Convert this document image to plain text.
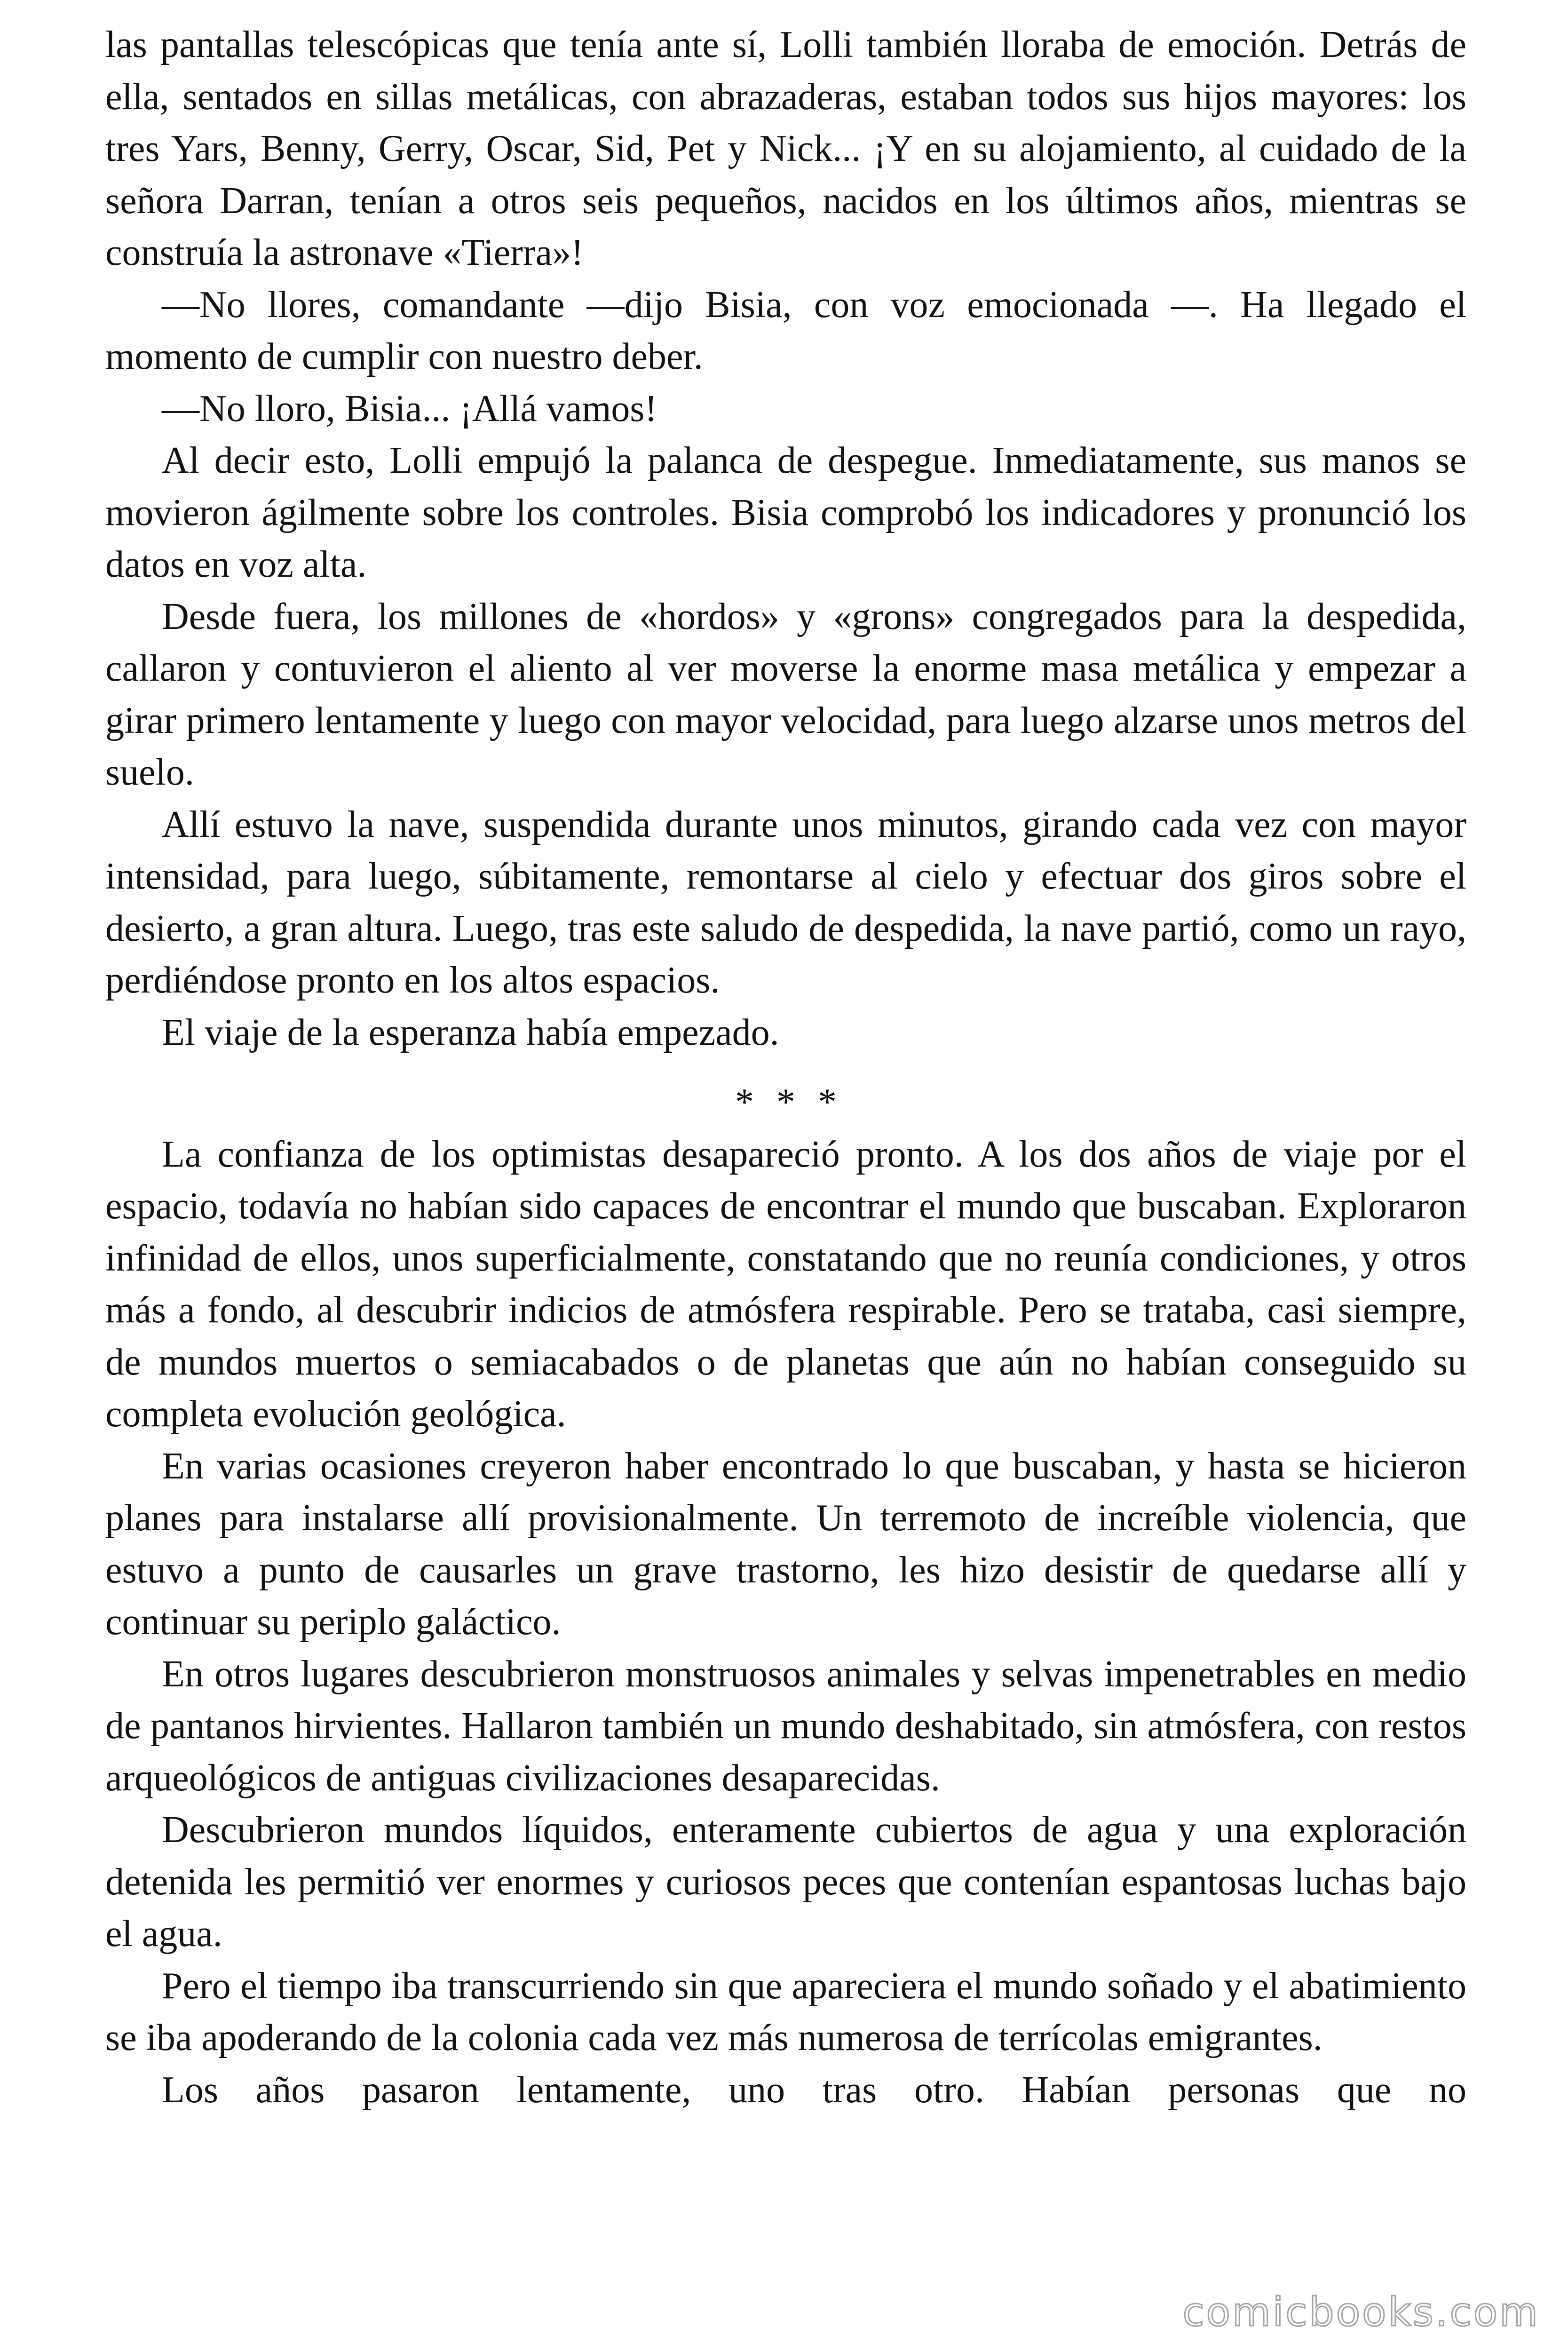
las pantallas telescópicas que tenía ante sí, Lolli también lloraba de emoción. Detrás de ella, sentados en sillas metálicas, con abrazaderas, estaban todos sus hijos mayores: los tres Yars, Benny, Gerry, Oscar, Sid, Pet y Nick... ¡Y en su alojamiento, al cuidado de la señora Darran, tenían a otros seis pequeños, nacidos en los últimos años, mientras se construía la astronave «Tierra»!

—No llores, comandante —dijo Bisia, con voz emocionada —. Ha llegado el momento de cumplir con nuestro deber.

—No lloro, Bisia... ¡Allá vamos!

Al decir esto, Lolli empujó la palanca de despegue. Inmediatamente, sus manos se movieron ágilmente sobre los controles. Bisia comprobó los indicadores y pronunció los datos en voz alta.

Desde fuera, los millones de «hordos» y «grons» congregados para la despedida, callaron y contuvieron el aliento al ver moverse la enorme masa metálica y empezar a girar primero lentamente y luego con mayor velocidad, para luego alzarse unos metros del suelo.

Allí estuvo la nave, suspendida durante unos minutos, girando cada vez con mayor intensidad, para luego, súbitamente, remontarse al cielo y efectuar dos giros sobre el desierto, a gran altura. Luego, tras este saludo de despedida, la nave partió, como un rayo, perdiéndose pronto en los altos espacios.

El viaje de la esperanza había empezado.

* * *

La confianza de los optimistas desapareció pronto. A los dos años de viaje por el espacio, todavía no habían sido capaces de encontrar el mundo que buscaban. Exploraron infinidad de ellos, unos superficialmente, constatando que no reunía condiciones, y otros más a fondo, al descubrir indicios de atmósfera respirable. Pero se trataba, casi siempre, de mundos muertos o semiacabados o de planetas que aún no habían conseguido su completa evolución geológica.

En varias ocasiones creyeron haber encontrado lo que buscaban, y hasta se hicieron planes para instalarse allí provisionalmente. Un terremoto de increíble violencia, que estuvo a punto de causarles un grave trastorno, les hizo desistir de quedarse allí y continuar su periplo galáctico.

En otros lugares descubrieron monstruosos animales y selvas impenetrables en medio de pantanos hirvientes. Hallaron también un mundo deshabitado, sin atmósfera, con restos arqueológicos de antiguas civilizaciones desaparecidas.

Descubrieron mundos líquidos, enteramente cubiertos de agua y una exploración detenida les permitió ver enormes y curiosos peces que contenían espantosas luchas bajo el agua.

Pero el tiempo iba transcurriendo sin que apareciera el mundo soñado y el abatimiento se iba apoderando de la colonia cada vez más numerosa de terrícolas emigrantes.

Los años pasaron lentamente, uno tras otro. Habían personas que no

comicbooks.com
